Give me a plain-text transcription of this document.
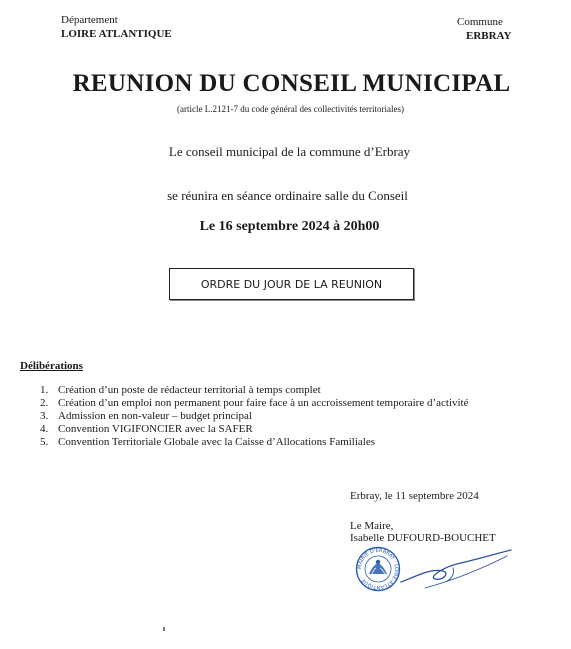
Département
LOIRE ATLANTIQUE
Commune
ERBRAY
REUNION DU CONSEIL MUNICIPAL
(article L.2121-7 du code général des collectivités territoriales)
Le conseil municipal de la commune d’Erbray
se réunira en séance ordinaire salle du Conseil
Le 16 septembre 2024 à 20h00
ORDRE DU JOUR DE LA REUNION
Délibérations
1. Création d’un poste de rédacteur territorial à temps complet
2. Création d’un emploi non permanent pour faire face à un accroissement temporaire d’activité
3. Admission en non-valeur – budget principal
4. Convention VIGIFONCIER avec la SAFER
5. Convention Territoriale Globale avec la Caisse d’Allocations Familiales
Erbray, le 11 septembre 2024
Le Maire,
Isabelle DUFOURD-BOUCHET
MAIRIE D'ERBRAY · LOIRE-ATLANTIQUE ·
